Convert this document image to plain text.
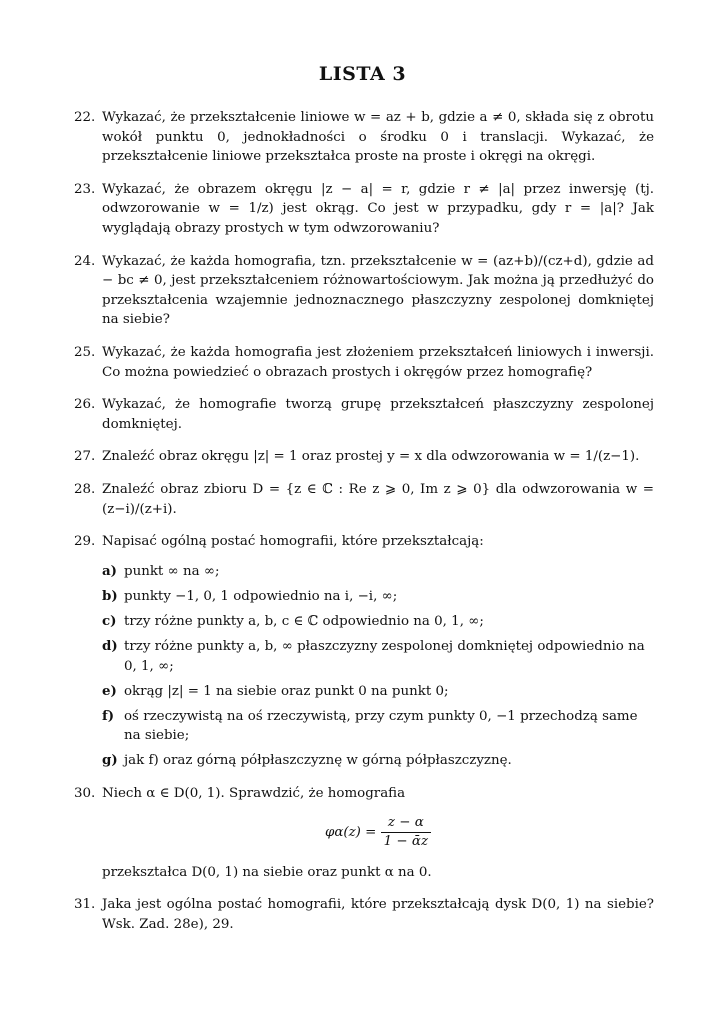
LISTA 3
22. Wykazać, że przekształcenie liniowe w = az + b, gdzie a ≠ 0, składa się z obrotu wokół punktu 0, jednokładności o środku 0 i translacji. Wykazać, że przekształcenie liniowe przekształca proste na proste i okręgi na okręgi.
23. Wykazać, że obrazem okręgu |z − a| = r, gdzie r ≠ |a| przez inwersję (tj. odwzorowanie w = 1/z) jest okrąg. Co jest w przypadku, gdy r = |a|? Jak wyglądają obrazy prostych w tym odwzorowaniu?
24. Wykazać, że każda homografia, tzn. przekształcenie w = (az+b)/(cz+d), gdzie ad − bc ≠ 0, jest przekształceniem różnowartościowym. Jak można ją przedłużyć do przekształcenia wzajemnie jednoznacznego płaszczyzny zespolonej domkniętej na siebie?
25. Wykazać, że każda homografia jest złożeniem przekształceń liniowych i inwersji. Co można powiedzieć o obrazach prostych i okręgów przez homografię?
26. Wykazać, że homografie tworzą grupę przekształceń płaszczyzny zespolonej domkniętej.
27. Znaleźć obraz okręgu |z| = 1 oraz prostej y = x dla odwzorowania w = 1/(z−1).
28. Znaleźć obraz zbioru D = {z ∈ ℂ : Re z ⩾ 0, Im z ⩾ 0} dla odwzorowania w = (z−i)/(z+i).
29. Napisać ogólną postać homografii, które przekształcają:
a) punkt ∞ na ∞;
b) punkty −1, 0, 1 odpowiednio na i, −i, ∞;
c) trzy różne punkty a, b, c ∈ ℂ odpowiednio na 0, 1, ∞;
d) trzy różne punkty a, b, ∞ płaszczyzny zespolonej domkniętej odpowiednio na 0, 1, ∞;
e) okrąg |z| = 1 na siebie oraz punkt 0 na punkt 0;
f) oś rzeczywistą na oś rzeczywistą, przy czym punkty 0, −1 przechodzą same na siebie;
g) jak f) oraz górną półpłaszczyznę w górną półpłaszczyznę.
30. Niech α ∈ D(0, 1). Sprawdzić, że homografia
$\varphi\alpha(z) = \frac{z - \alpha}{\text{1 − ᾱz}}$
przekształca D(0, 1) na siebie oraz punkt α na 0.
31. Jaka jest ogólna postać homografii, które przekształcają dysk D(0, 1) na siebie? Wsk. Zad. 28e), 29.
